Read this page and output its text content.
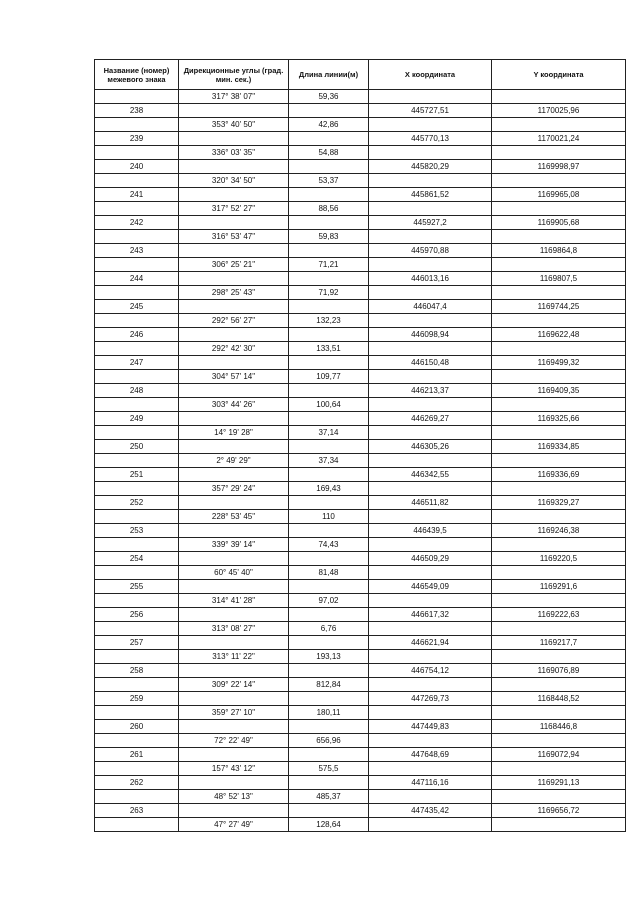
Название (номер) межевого знака	Дирекционные углы (град. мин. сек.)	Длина линии(м)	X координата	Y координата
	317° 38' 07"	59,36		
238			445727,51	1170025,96
	353° 40' 50"	42,86		
239			445770,13	1170021,24
	336° 03' 35"	54,88		
240			445820,29	1169998,97
	320° 34' 50"	53,37		
241			445861,52	1169965,08
	317° 52' 27"	88,56		
242			445927,2	1169905,68
	316° 53' 47"	59,83		
243			445970,88	1169864,8
	306° 25' 21"	71,21		
244			446013,16	1169807,5
	298° 25' 43"	71,92		
245			446047,4	1169744,25
	292° 56' 27"	132,23		
246			446098,94	1169622,48
	292° 42' 30"	133,51		
247			446150,48	1169499,32
	304° 57' 14"	109,77		
248			446213,37	1169409,35
	303° 44' 26"	100,64		
249			446269,27	1169325,66
	14° 19' 28"	37,14		
250			446305,26	1169334,85
	2° 49' 29"	37,34		
251			446342,55	1169336,69
	357° 29' 24"	169,43		
252			446511,82	1169329,27
	228° 53' 45"	110		
253			446439,5	1169246,38
	339° 39' 14"	74,43		
254			446509,29	1169220,5
	60° 45' 40"	81,48		
255			446549,09	1169291,6
	314° 41' 28"	97,02		
256			446617,32	1169222,63
	313° 08' 27"	6,76		
257			446621,94	1169217,7
	313° 11' 22"	193,13		
258			446754,12	1169076,89
	309° 22' 14"	812,84		
259			447269,73	1168448,52
	359° 27' 10"	180,11		
260			447449,83	1168446,8
	72° 22' 49"	656,96		
261			447648,69	1169072,94
	157° 43' 12"	575,5		
262			447116,16	1169291,13
	48° 52' 13"	485,37		
263			447435,42	1169656,72
	47° 27' 49"	128,64		
